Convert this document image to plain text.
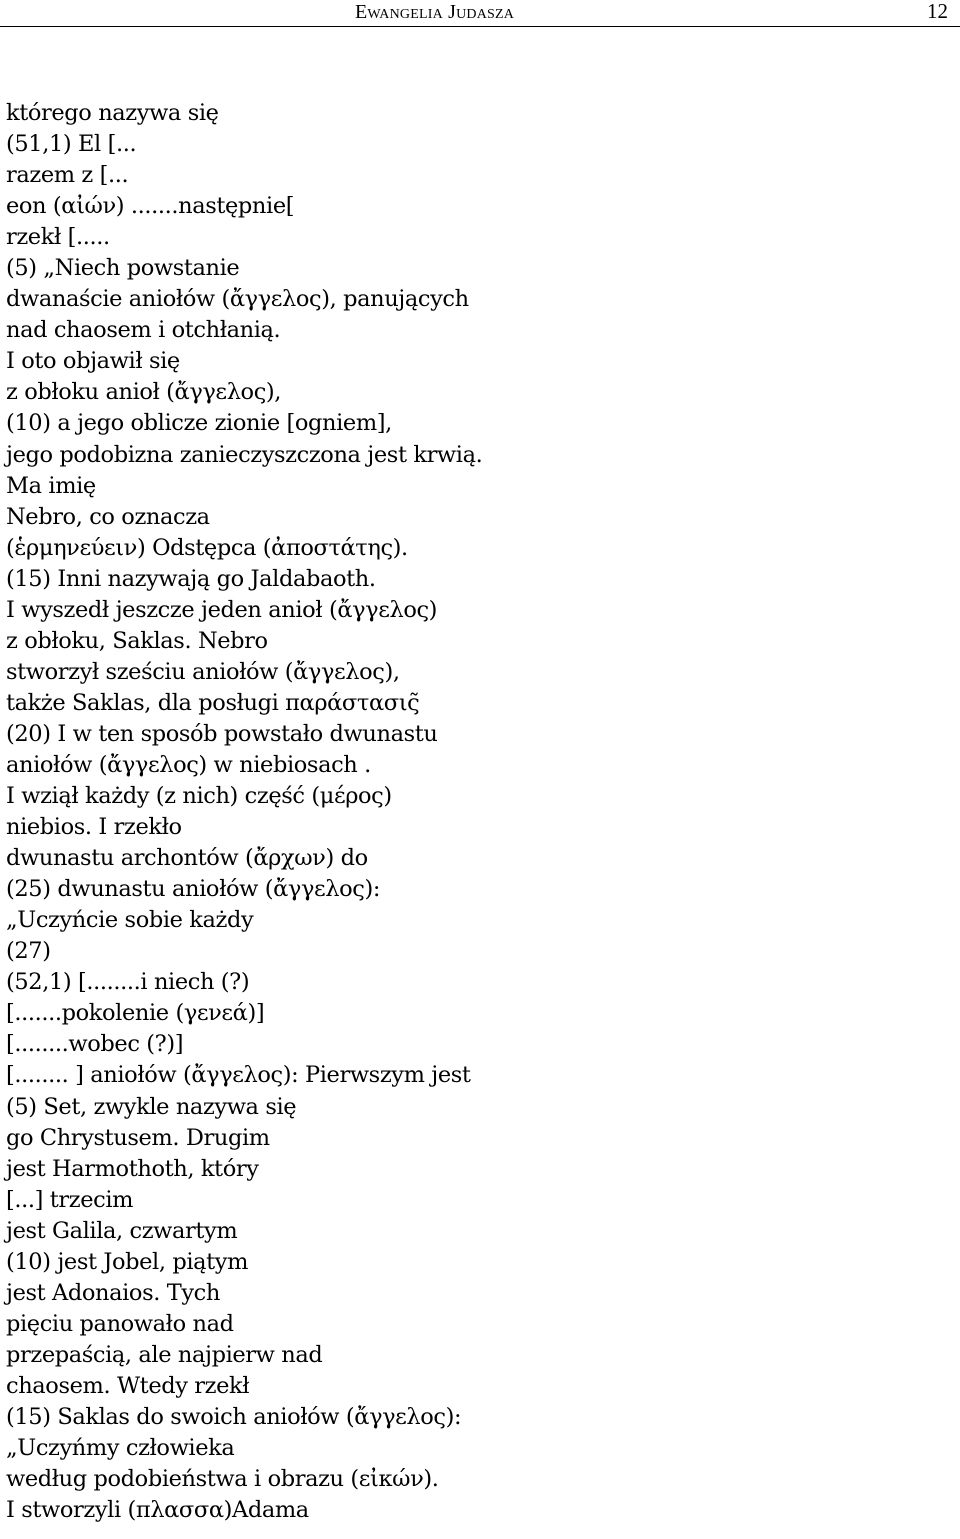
Ewangelia Judasza	12
którego nazywa się
(51,1) El [...
razem z [...
eon (αἰών) .......następnie[
rzekł [.....
(5) „Niech powstanie
dwanaście aniołów (ἄγγελος), panujących
nad chaosem i otchłanią.
I oto objawił się
z obłoku anioł (ἄγγελος),
(10) a jego oblicze zionie [ogniem],
jego podobizna zanieczyszczona jest krwią.
Ma imię
Nebro, co oznacza
(ἑρμηνεύειν) Odstępca (ἀποστάτης).
(15) Inni nazywają go Jaldabaoth.
I wyszedł jeszcze jeden anioł (ἄγγελος)
z obłoku, Saklas. Nebro
stworzył sześciu aniołów (ἄγγελος),
także Saklas, dla posługi παράστασις̃
(20) I w ten sposób powstało dwunastu
aniołów (ἄγγελος) w niebiosach .
I wziął każdy (z nich) część (μέρος)
niebios. I rzekło
dwunastu archontów (ἄρχων) do
(25) dwunastu aniołów (ἄγγελος):
„Uczyńcie sobie każdy
(27)
(52,1) [........i niech (?)
[.......pokolenie (γενεά)]
[........wobec (?)]
[........ ] aniołów (ἄγγελος): Pierwszym jest
(5) Set, zwykle nazywa się
go Chrystusem. Drugim
jest Harmothoth, który
[...] trzecim
jest Galila, czwartym
(10) jest Jobel, piątym
jest Adonaios. Tych
pięciu panowało nad
przepaścią, ale najpierw nad
chaosem. Wtedy rzekł
(15) Saklas do swoich aniołów (ἄγγελος):
„Uczyńmy człowieka
według podobieństwa i obrazu (εἰκών).
I stworzyli (πλασσα)Adama
